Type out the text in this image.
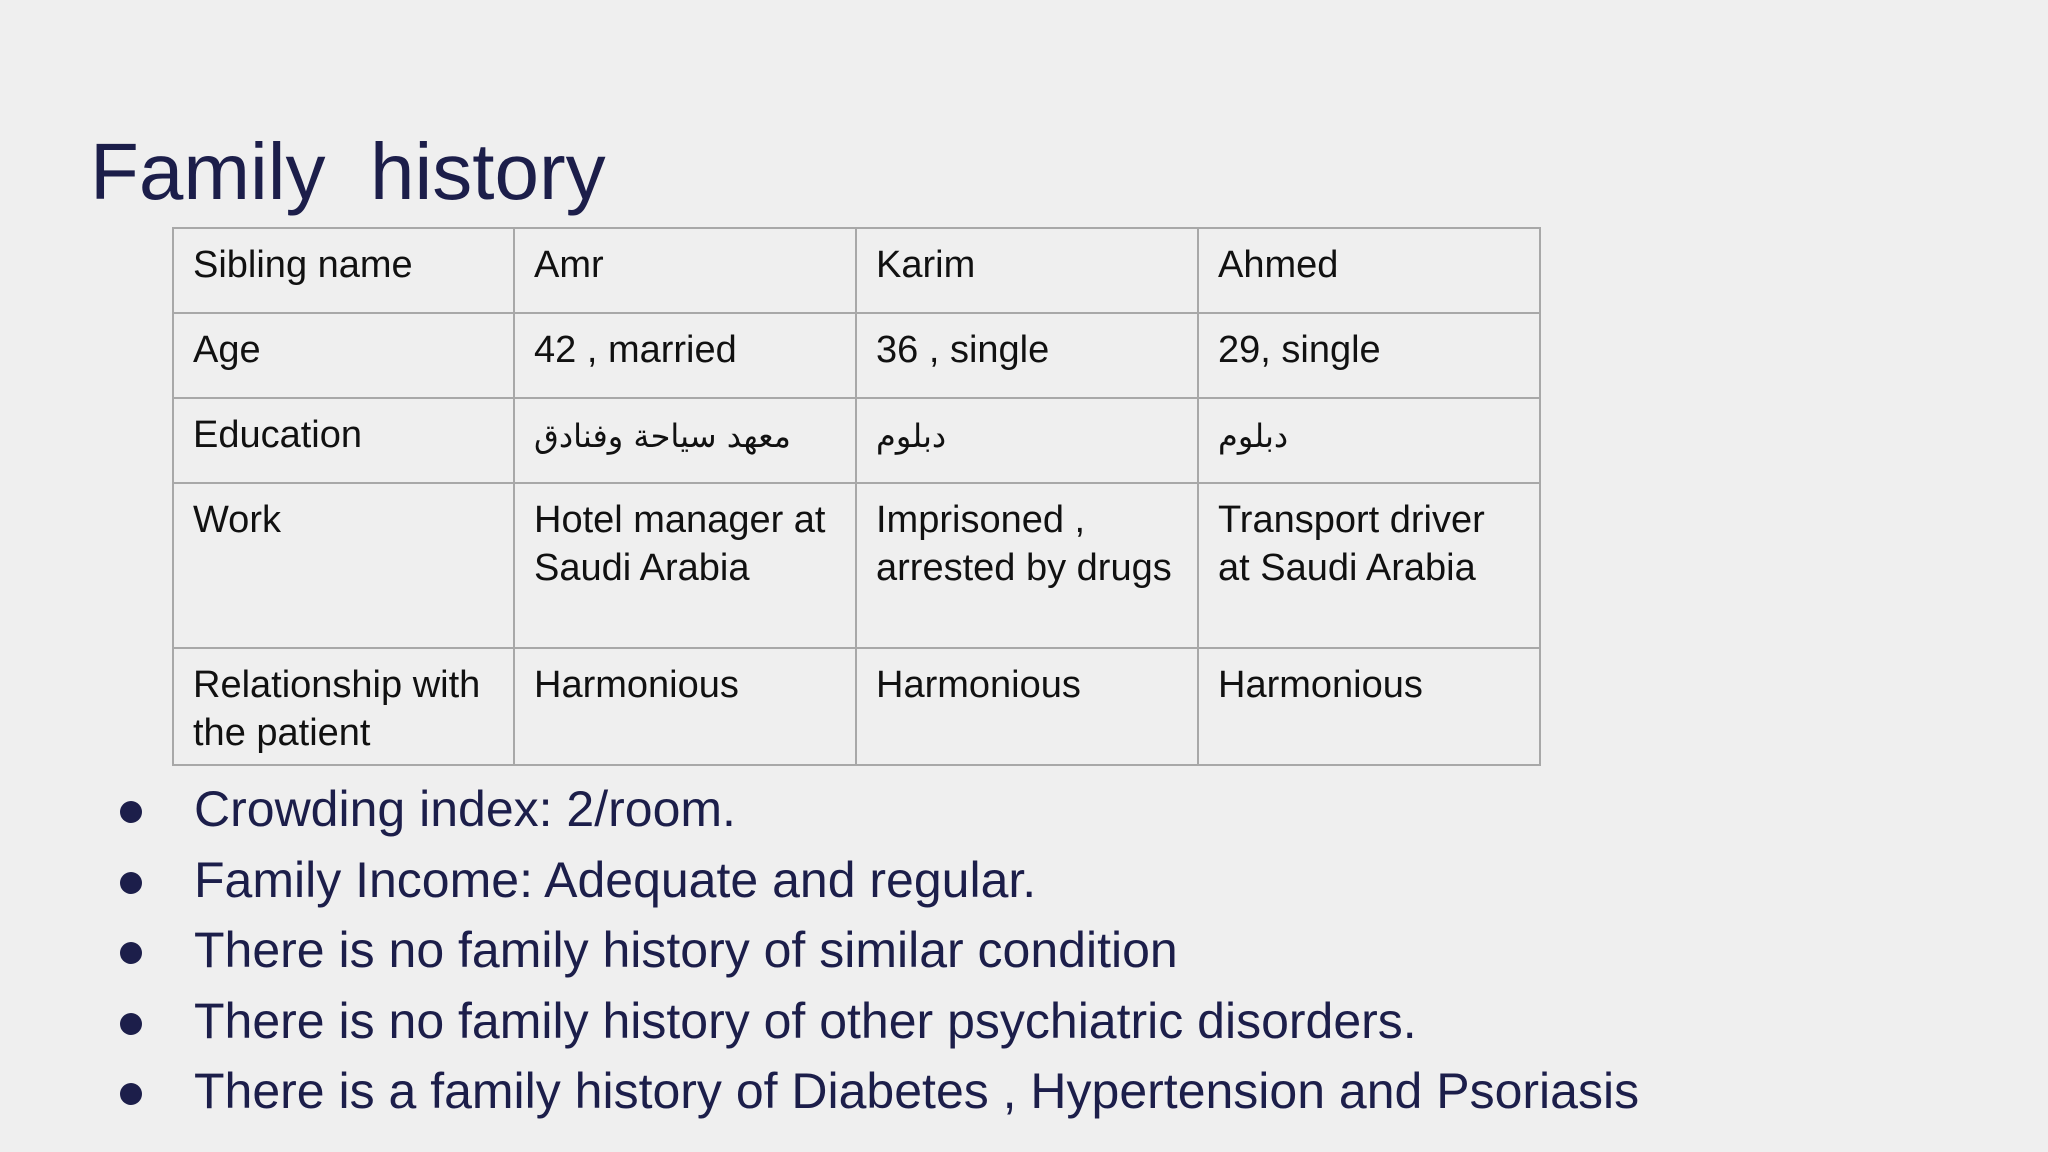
Family  history
Sibling name	Amr	Karim	Ahmed
Age	42 , married	36 , single	29, single
Education	معهد سياحة وفنادق	دبلوم	دبلوم
Work	Hotel manager at Saudi Arabia	Imprisoned , arrested by drugs	Transport driver at Saudi Arabia
Relationship with the patient	Harmonious	Harmonious	Harmonious
Crowding index: 2/room.
Family Income: Adequate and regular.
There is no family history of similar condition
There is no family history of other psychiatric disorders.
There is a family history of Diabetes , Hypertension and Psoriasis
